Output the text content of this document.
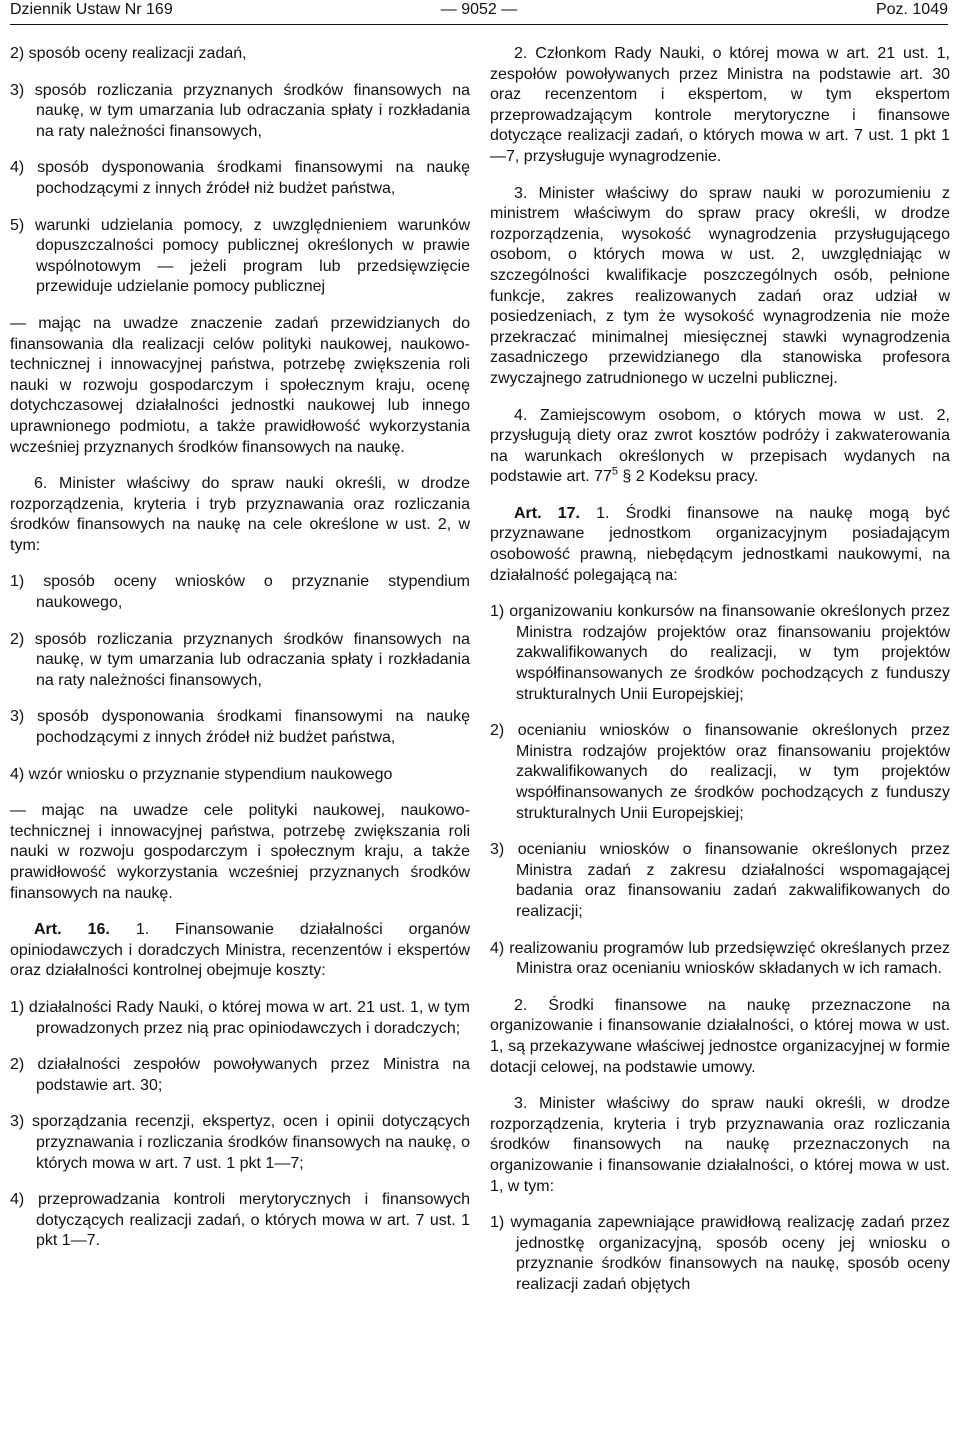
Dziennik Ustaw Nr 169	— 9052 —	Poz. 1049

2) sposób oceny realizacji zadań,

3) sposób rozliczania przyznanych środków finansowych na naukę, w tym umarzania lub odraczania spłaty i rozkładania na raty należności finansowych,

4) sposób dysponowania środkami finansowymi na naukę pochodzącymi z innych źródeł niż budżet państwa,

5) warunki udzielania pomocy, z uwzględnieniem warunków dopuszczalności pomocy publicznej określonych w prawie wspólnotowym — jeżeli program lub przedsięwzięcie przewiduje udzielanie pomocy publicznej

— mając na uwadze znaczenie zadań przewidzianych do finansowania dla realizacji celów polityki naukowej, naukowo-technicznej i innowacyjnej państwa, potrzebę zwiększenia roli nauki w rozwoju gospodarczym i społecznym kraju, ocenę dotychczasowej działalności jednostki naukowej lub innego uprawnionego podmiotu, a także prawidłowość wykorzystania wcześniej przyznanych środków finansowych na naukę.

6. Minister właściwy do spraw nauki określi, w drodze rozporządzenia, kryteria i tryb przyznawania oraz rozliczania środków finansowych na naukę na cele określone w ust. 2, w tym:

1) sposób oceny wniosków o przyznanie stypendium naukowego,

2) sposób rozliczania przyznanych środków finansowych na naukę, w tym umarzania lub odraczania spłaty i rozkładania na raty należności finansowych,

3) sposób dysponowania środkami finansowymi na naukę pochodzącymi z innych źródeł niż budżet państwa,

4) wzór wniosku o przyznanie stypendium naukowego

— mając na uwadze cele polityki naukowej, naukowo-technicznej i innowacyjnej państwa, potrzebę zwiększania roli nauki w rozwoju gospodarczym i społecznym kraju, a także prawidłowość wykorzystania wcześniej przyznanych środków finansowych na naukę.

Art. 16. 1. Finansowanie działalności organów opiniodawczych i doradczych Ministra, recenzentów i ekspertów oraz działalności kontrolnej obejmuje koszty:

1) działalności Rady Nauki, o której mowa w art. 21 ust. 1, w tym prowadzonych przez nią prac opiniodawczych i doradczych;

2) działalności zespołów powoływanych przez Ministra na podstawie art. 30;

3) sporządzania recenzji, ekspertyz, ocen i opinii dotyczących przyznawania i rozliczania środków finansowych na naukę, o których mowa w art. 7 ust. 1 pkt 1—7;

4) przeprowadzania kontroli merytorycznych i finansowych dotyczących realizacji zadań, o których mowa w art. 7 ust. 1 pkt 1—7.

2. Członkom Rady Nauki, o której mowa w art. 21 ust. 1, zespołów powoływanych przez Ministra na podstawie art. 30 oraz recenzentom i ekspertom, w tym ekspertom przeprowadzającym kontrole merytoryczne i finansowe dotyczące realizacji zadań, o których mowa w art. 7 ust. 1 pkt 1—7, przysługuje wynagrodzenie.

3. Minister właściwy do spraw nauki w porozumieniu z ministrem właściwym do spraw pracy określi, w drodze rozporządzenia, wysokość wynagrodzenia przysługującego osobom, o których mowa w ust. 2, uwzględniając w szczególności kwalifikacje poszczególnych osób, pełnione funkcje, zakres realizowanych zadań oraz udział w posiedzeniach, z tym że wysokość wynagrodzenia nie może przekraczać minimalnej miesięcznej stawki wynagrodzenia zasadniczego przewidzianego dla stanowiska profesora zwyczajnego zatrudnionego w uczelni publicznej.

4. Zamiejscowym osobom, o których mowa w ust. 2, przysługują diety oraz zwrot kosztów podróży i zakwaterowania na warunkach określonych w przepisach wydanych na podstawie art. $77^5$ § 2 Kodeksu pracy.

Art. 17. 1. Środki finansowe na naukę mogą być przyznawane jednostkom organizacyjnym posiadającym osobowość prawną, niebędącym jednostkami naukowymi, na działalność polegającą na:

1) organizowaniu konkursów na finansowanie określonych przez Ministra rodzajów projektów oraz finansowaniu projektów zakwalifikowanych do realizacji, w tym projektów współfinansowanych ze środków pochodzących z funduszy strukturalnych Unii Europejskiej;

2) ocenianiu wniosków o finansowanie określonych przez Ministra rodzajów projektów oraz finansowaniu projektów zakwalifikowanych do realizacji, w tym projektów współfinansowanych ze środków pochodzących z funduszy strukturalnych Unii Europejskiej;

3) ocenianiu wniosków o finansowanie określonych przez Ministra zadań z zakresu działalności wspomagającej badania oraz finansowaniu zadań zakwalifikowanych do realizacji;

4) realizowaniu programów lub przedsięwzięć określanych przez Ministra oraz ocenianiu wniosków składanych w ich ramach.

2. Środki finansowe na naukę przeznaczone na organizowanie i finansowanie działalności, o której mowa w ust. 1, są przekazywane właściwej jednostce organizacyjnej w formie dotacji celowej, na podstawie umowy.

3. Minister właściwy do spraw nauki określi, w drodze rozporządzenia, kryteria i tryb przyznawania oraz rozliczania środków finansowych na naukę przeznaczonych na organizowanie i finansowanie działalności, o której mowa w ust. 1, w tym:

1) wymagania zapewniające prawidłową realizację zadań przez jednostkę organizacyjną, sposób oceny jej wniosku o przyznanie środków finansowych na naukę, sposób oceny realizacji zadań objętych
